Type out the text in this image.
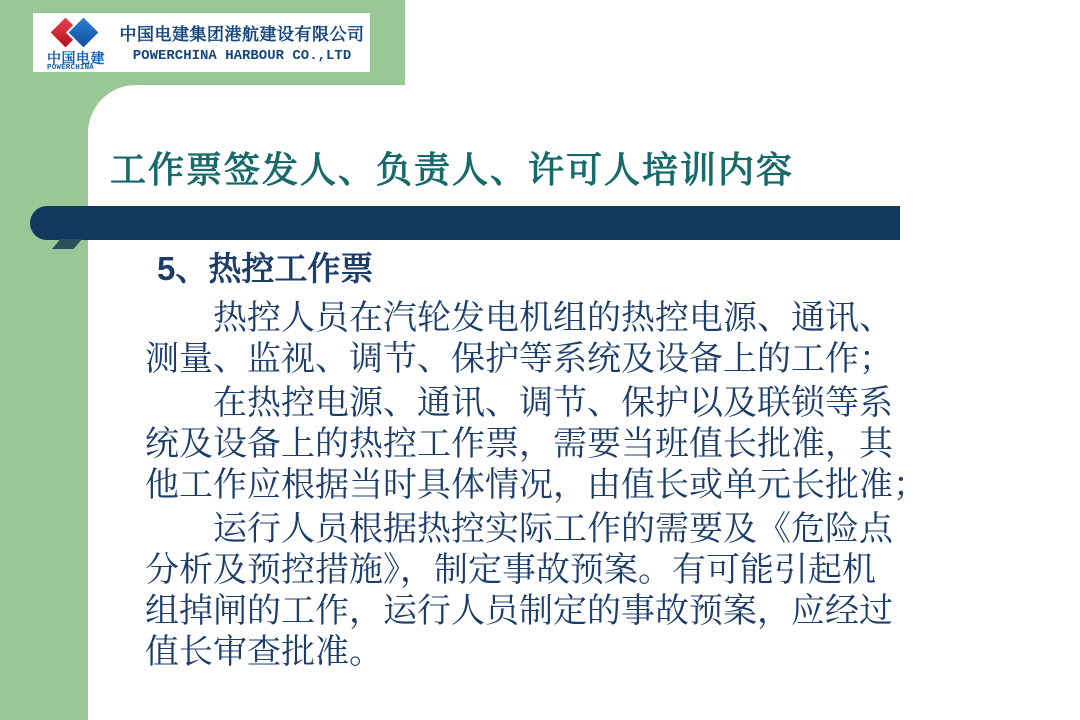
中国电建
POWERCHINA
中国电建集团港航建设有限公司
POWERCHINA HARBOUR CO.,LTD
工作票签发人、负责人、许可人培训内容
5、热控工作票
热控人员在汽轮发电机组的热控电源、通讯、
测量、监视、调节、保护等系统及设备上的工作；
在热控电源、通讯、调节、保护以及联锁等系
统及设备上的热控工作票，需要当班值长批准，其
他工作应根据当时具体情况，由值长或单元长批准；
运行人员根据热控实际工作的需要及《危险点
分析及预控措施》，制定事故预案。有可能引起机
组掉闸的工作，运行人员制定的事故预案，应经过
值长审查批准。
